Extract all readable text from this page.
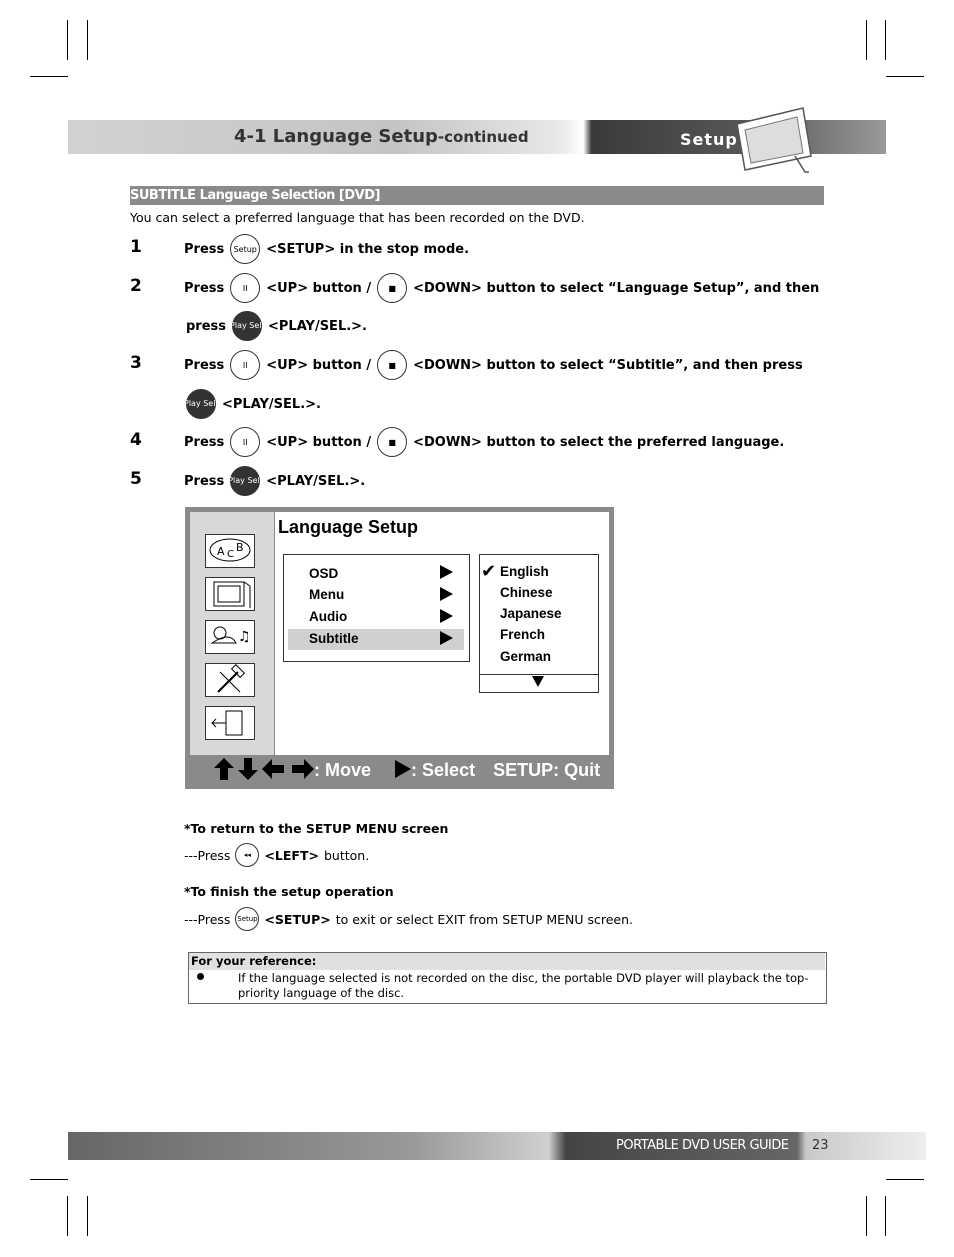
4-1 Language Setup-continued	Setup
SUBTITLE Language Selection [DVD]
You can select a preferred language that has been recorded on the DVD.
1	Press	Setup <SETUP> in the stop mode.
2	Press	II	<UP> button /	■	<DOWN> button to select “Language Setup”, and then
press Play Sel. <PLAY/SEL.>.
3	Press	II	<UP> button /	■	<DOWN> button to select “Subtitle”, and then press
Play Sel. <PLAY/SEL.>.
4	Press	II	<UP> button /	■	<DOWN> button to select the preferred language.
5	Press Play Sel. <PLAY/SEL.>.
A C
B
♫
Language Setup
OSD
Menu
Audio
Subtitle
✔ English
Chinese
Japanese
French
German
: Move : Select SETUP: Quit
*To return to the SETUP MENU screen
---Press	◂◂	<LEFT> button.
*To finish the setup operation
---Press Setup <SETUP> to exit or select EXIT from SETUP MENU screen.
For your reference:
If the language selected is not recorded on the disc, the portable DVD player will playback the top-priority language of the disc.
PORTABLE DVD USER GUIDE 23
